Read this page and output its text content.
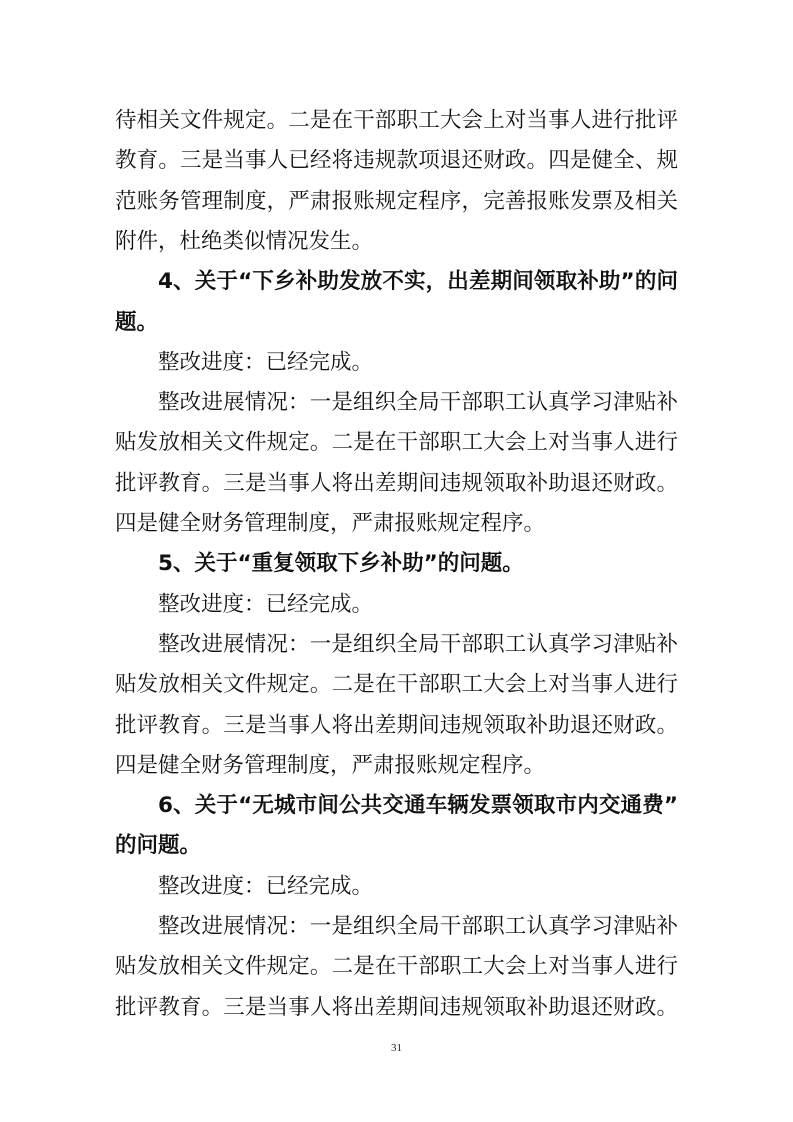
待相关文件规定。二是在干部职工大会上对当事人进行批评
教育。三是当事人已经将违规款项退还财政。四是健全、规
范账务管理制度，严肃报账规定程序，完善报账发票及相关
附件，杜绝类似情况发生。
4、关于“下乡补助发放不实，出差期间领取补助”的问
题。
整改进度：已经完成。
整改进展情况：一是组织全局干部职工认真学习津贴补
贴发放相关文件规定。二是在干部职工大会上对当事人进行
批评教育。三是当事人将出差期间违规领取补助退还财政。
四是健全财务管理制度，严肃报账规定程序。
5、关于“重复领取下乡补助”的问题。
整改进度：已经完成。
整改进展情况：一是组织全局干部职工认真学习津贴补
贴发放相关文件规定。二是在干部职工大会上对当事人进行
批评教育。三是当事人将出差期间违规领取补助退还财政。
四是健全财务管理制度，严肃报账规定程序。
6、关于“无城市间公共交通车辆发票领取市内交通费”
的问题。
整改进度：已经完成。
整改进展情况：一是组织全局干部职工认真学习津贴补
贴发放相关文件规定。二是在干部职工大会上对当事人进行
批评教育。三是当事人将出差期间违规领取补助退还财政。
31
